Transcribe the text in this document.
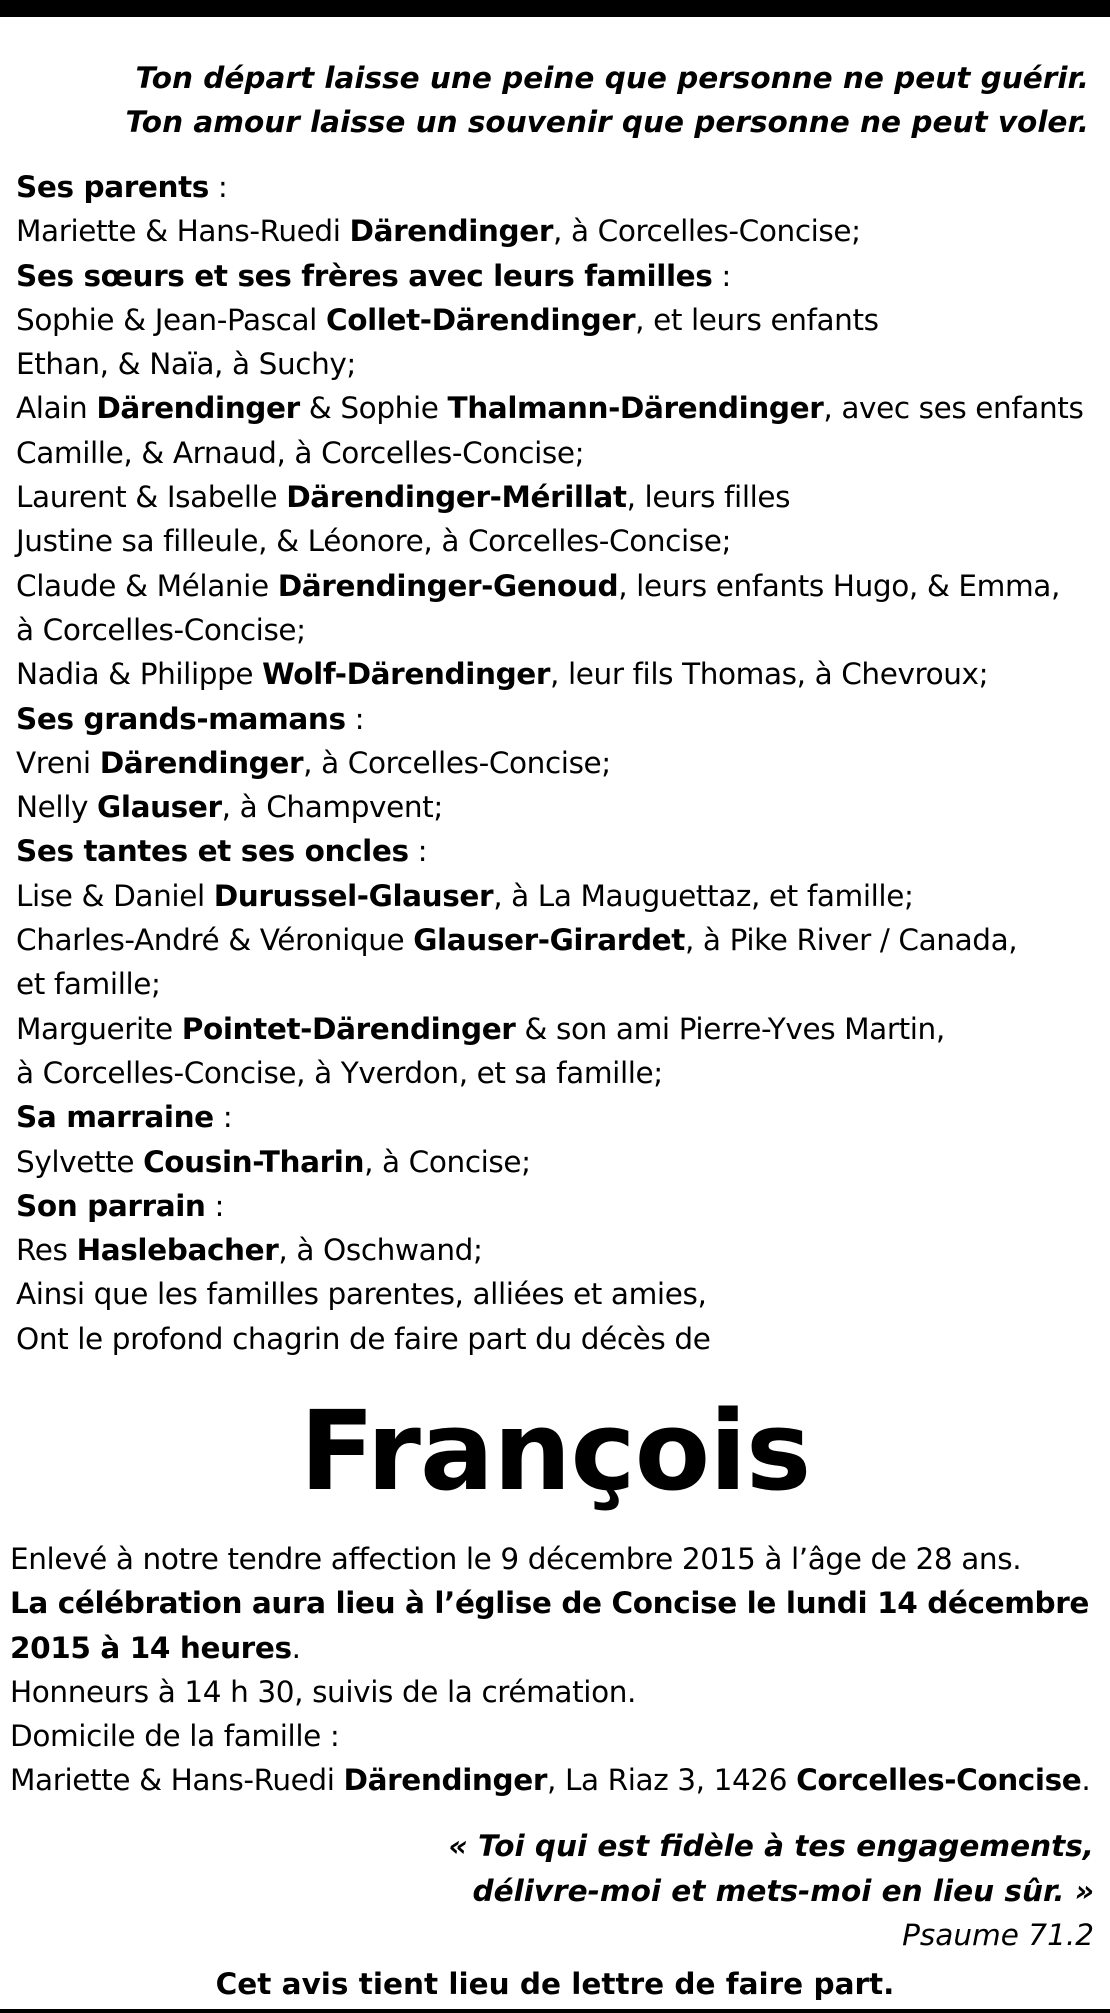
Ton départ laisse une peine que personne ne peut guérir.
Ton amour laisse un souvenir que personne ne peut voler.
Ses parents :
Mariette & Hans-Ruedi Därendinger, à Corcelles-Concise;
Ses sœurs et ses frères avec leurs familles :
Sophie & Jean-Pascal Collet-Därendinger, et leurs enfants
Ethan, & Naïa, à Suchy;
Alain Därendinger & Sophie Thalmann-Därendinger, avec ses enfants
Camille, & Arnaud, à Corcelles-Concise;
Laurent & Isabelle Därendinger-Mérillat, leurs filles
Justine sa filleule, & Léonore, à Corcelles-Concise;
Claude & Mélanie Därendinger-Genoud, leurs enfants Hugo, & Emma,
à Corcelles-Concise;
Nadia & Philippe Wolf-Därendinger, leur fils Thomas, à Chevroux;
Ses grands-mamans :
Vreni Därendinger, à Corcelles-Concise;
Nelly Glauser, à Champvent;
Ses tantes et ses oncles :
Lise & Daniel Durussel-Glauser, à La Mauguettaz, et famille;
Charles-André & Véronique Glauser-Girardet, à Pike River / Canada,
et famille;
Marguerite Pointet-Därendinger & son ami Pierre-Yves Martin,
à Corcelles-Concise, à Yverdon, et sa famille;
Sa marraine :
Sylvette Cousin-Tharin, à Concise;
Son parrain :
Res Haslebacher, à Oschwand;
Ainsi que les familles parentes, alliées et amies,
Ont le profond chagrin de faire part du décès de
François
Enlevé à notre tendre affection le 9 décembre 2015 à l’âge de 28 ans.
La célébration aura lieu à l’église de Concise le lundi 14 décembre 2015 à 14 heures.
Honneurs à 14 h 30, suivis de la crémation.
Domicile de la famille :
Mariette & Hans-Ruedi Därendinger, La Riaz 3, 1426 Corcelles-Concise.
« Toi qui est fidèle à tes engagements,
délivre-moi et mets-moi en lieu sûr. »
Psaume 71.2
Cet avis tient lieu de lettre de faire part.
